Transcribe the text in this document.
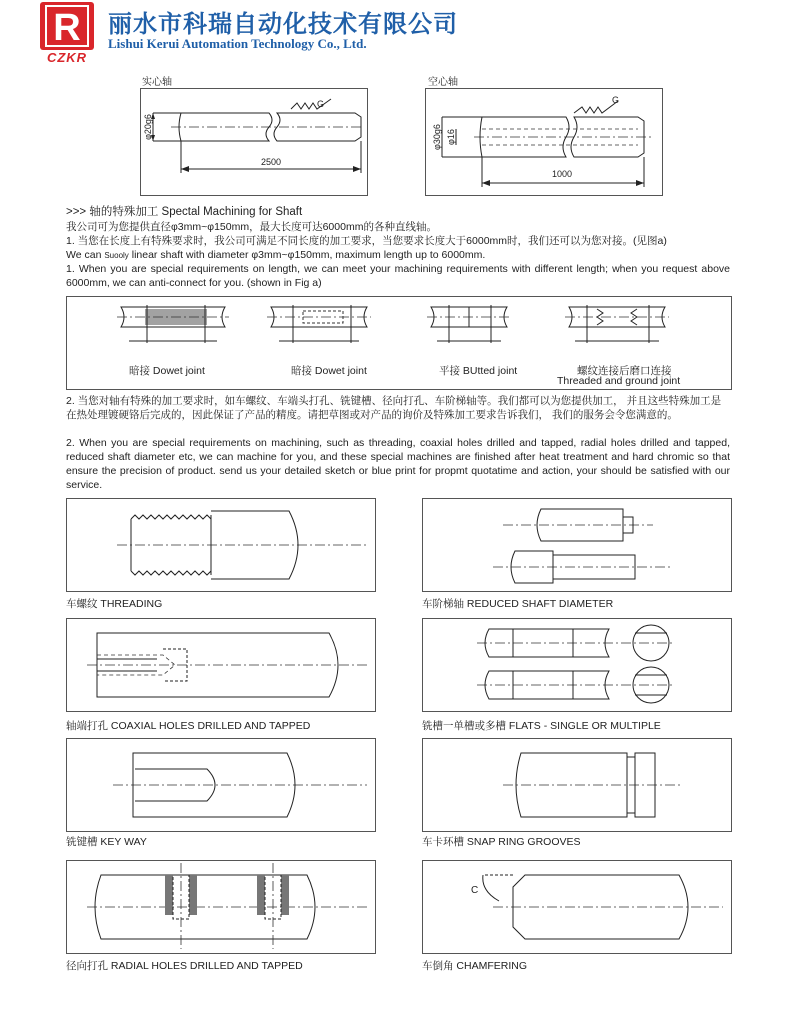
R
CZKR
丽水市科瑞自动化技术有限公司
Lishui Kerui Automation Technology Co., Ltd.
实心轴
φ20g6
2500
G
空心轴
φ30g6 φ16
1000
G
>>> 轴的特殊加工 Spectal Machining for Shaft
我公司可为您提供直径φ3mm~φ150mm，最大长度可达6000mm的各种直线轴。
1. 当您在长度上有特殊要求时，我公司可满足不同长度的加工要求，当您要求长度大于6000mm时，我们还可以为您对接。(见图a)
We can Suooly linear shaft with diameter φ3mm~φ150mm, maximum length up to 6000mm.
1. When you are special requirements on length, we can meet your machining requirements with different length; when you request above 6000mm, we can anti-connect for you. (shown in Fig a)
暗接 Dowet joint	暗接 Dowet joint	平接 BUtted joint	螺纹连接后磨口连接
Threaded and ground joint
2. 当您对轴有特殊的加工要求时，如车螺纹、车端头打孔、铣键槽、径向打孔、车阶梯轴等。我们都可以为您提供加工， 并且这些特殊加工是在热处理镀硬铬后完成的，因此保证了产品的精度。请把草图或对产品的询价及特殊加工要求告诉我们， 我们的服务会令您满意的。
2. When you are special requirements on machining, such as threading, coaxial holes drilled and tapped, radial holes drilled and tapped, reduced shaft diameter etc, we can machine for you, and these special machines are finished after heat treatment and hard chromic so that ensure the precision of product. send us your detailed sketch or blue print for propmt quotatime and action, your should be satisfied with our service.
车螺纹 THREADING	车阶梯轴 REDUCED SHAFT DIAMETER
轴端打孔 COAXIAL HOLES DRILLED AND TAPPED	铣槽一单槽或多槽 FLATS - SINGLE OR MULTIPLE
铣键槽 KEY WAY	车卡环槽 SNAP RING GROOVES
径向打孔 RADIAL HOLES DRILLED AND TAPPED
C
车倒角 CHAMFERING
